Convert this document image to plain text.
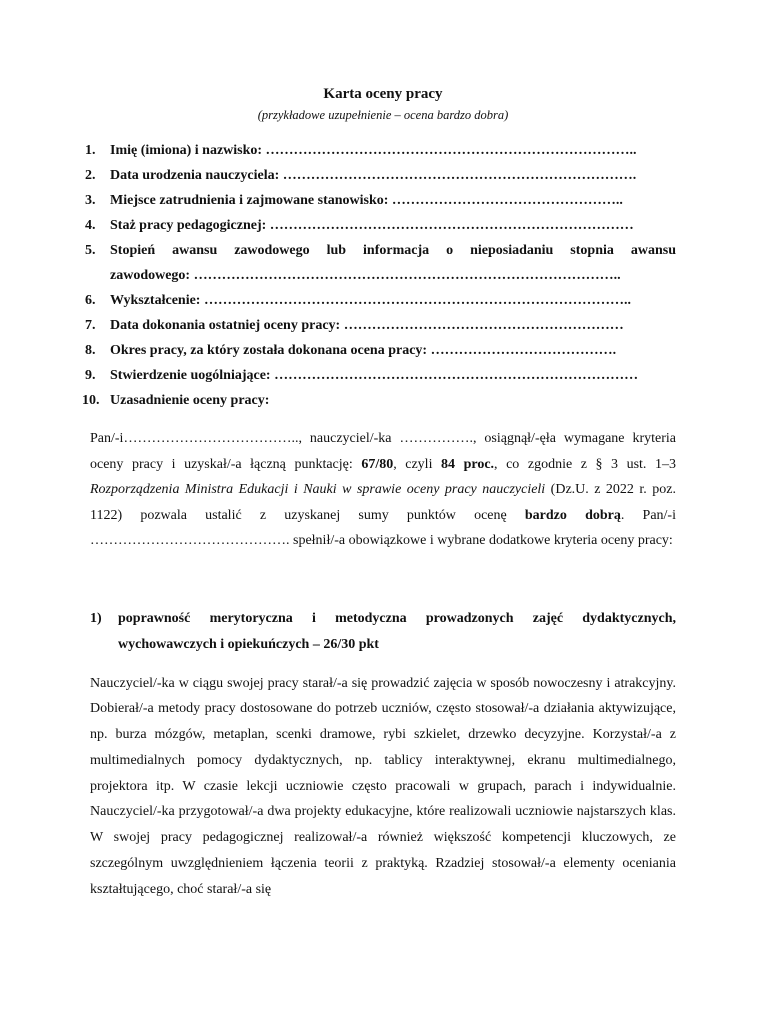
Karta oceny pracy

(przykładowe uzupełnienie – ocena bardzo dobra)

1. Imię (imiona) i nazwisko: ……………………………………………………………………..
2. Data urodzenia nauczyciela: ………………………………………………………………….
3. Miejsce zatrudnienia i zajmowane stanowisko: …………………………………………..
4. Staż pracy pedagogicznej: ……………………………………………………………………
5. Stopień awansu zawodowego lub informacja o nieposiadaniu stopnia awansu
zawodowego: ………………………………………………………………………………..
6. Wykształcenie: ………………………………………………………………………………..
7. Data dokonania ostatniej oceny pracy: ……………………………………………………
8. Okres pracy, za który została dokonana ocena pracy: ………………………………….
9. Stwierdzenie uogólniające: ……………………………………………………………………
10. Uzasadnienie oceny pracy:

Pan/-i……………………………….., nauczyciel/-ka ……………., osiągnął/-ęła wymagane kryteria oceny pracy i uzyskał/-a łączną punktację: 67/80, czyli 84 proc., co zgodnie z § 3 ust. 1–3 Rozporządzenia Ministra Edukacji i Nauki w sprawie oceny pracy nauczycieli (Dz.U. z 2022 r. poz. 1122) pozwala ustalić z uzyskanej sumy punktów ocenę bardzo dobrą. Pan/-i ……………………………………. spełnił/-a obowiązkowe i wybrane dodatkowe kryteria oceny pracy:

1) poprawność merytoryczna i metodyczna prowadzonych zajęć dydaktycznych, wychowawczych i opiekuńczych – 26/30 pkt

Nauczyciel/-ka w ciągu swojej pracy starał/-a się prowadzić zajęcia w sposób nowoczesny i atrakcyjny. Dobierał/-a metody pracy dostosowane do potrzeb uczniów, często stosował/-a działania aktywizujące, np. burza mózgów, metaplan, scenki dramowe, rybi szkielet, drzewko decyzyjne. Korzystał/-a z multimedialnych pomocy dydaktycznych, np. tablicy interaktywnej, ekranu multimedialnego, projektora itp. W czasie lekcji uczniowie często pracowali w grupach, parach i indywidualnie. Nauczyciel/-ka przygotował/-a dwa projekty edukacyjne, które realizowali uczniowie najstarszych klas. W swojej pracy pedagogicznej realizował/-a również większość kompetencji kluczowych, ze szczególnym uwzględnieniem łączenia teorii z praktyką. Rzadziej stosował/-a elementy oceniania kształtującego, choć starał/-a się
